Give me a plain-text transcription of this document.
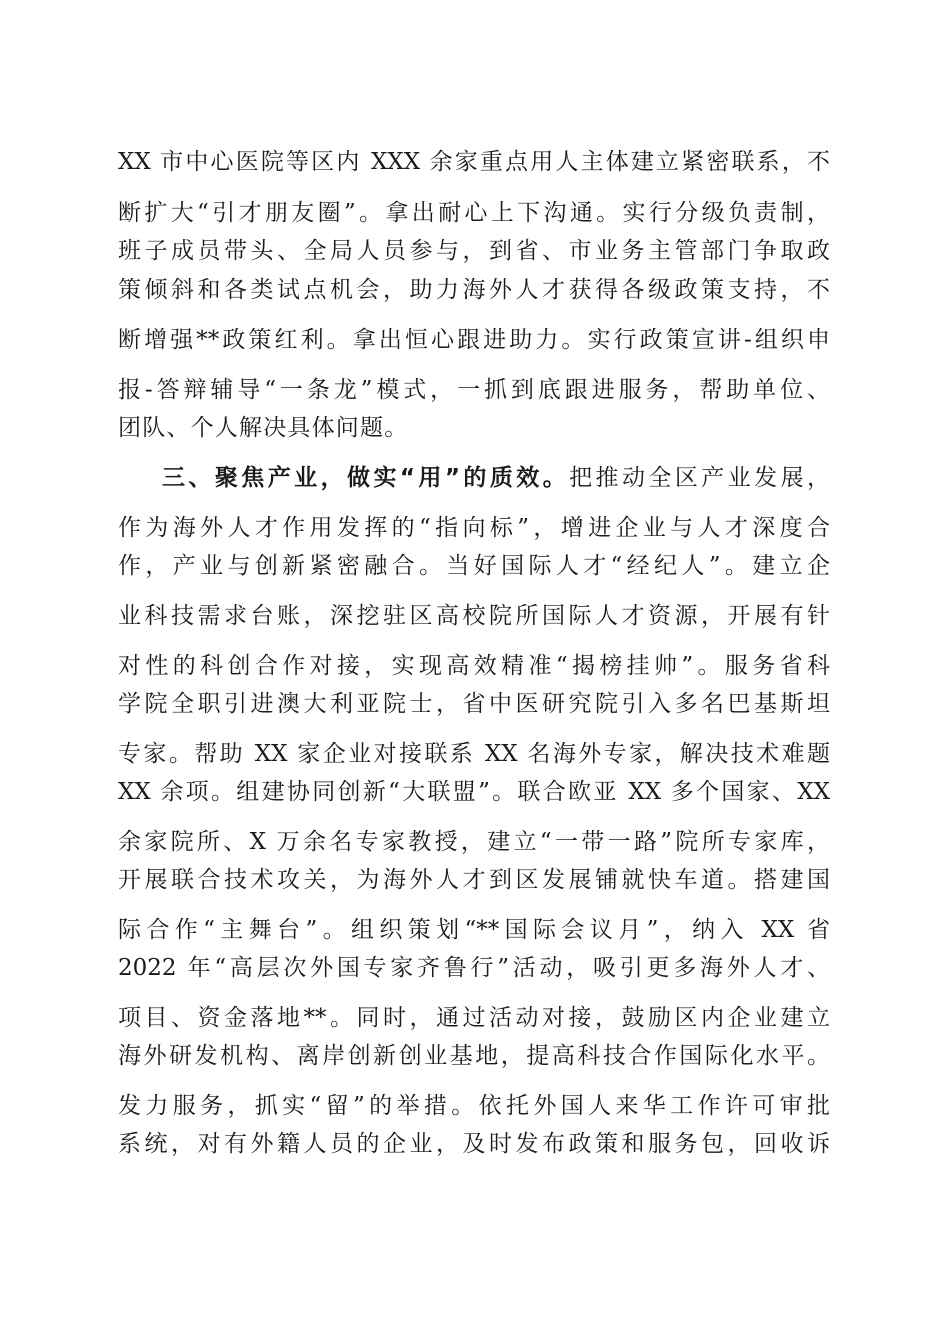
XX 市中心医院等区内 XXX 余家重点用人主体建立紧密联系，不
断扩大“引才朋友圈”。拿出耐心上下沟通。实行分级负责制，
班子成员带头、全局人员参与，到省、市业务主管部门争取政
策倾斜和各类试点机会，助力海外人才获得各级政策支持，不
断增强**政策红利。拿出恒心跟进助力。实行政策宣讲-组织申
报-答辩辅导“一条龙”模式，一抓到底跟进服务，帮助单位、
团队、个人解决具体问题。
三、聚焦产业，做实“用”的质效。把推动全区产业发展，
作为海外人才作用发挥的“指向标”，增进企业与人才深度合
作，产业与创新紧密融合。当好国际人才“经纪人”。建立企
业科技需求台账，深挖驻区高校院所国际人才资源，开展有针
对性的科创合作对接，实现高效精准“揭榜挂帅”。服务省科
学院全职引进澳大利亚院士，省中医研究院引入多名巴基斯坦
专家。帮助 XX 家企业对接联系 XX 名海外专家，解决技术难题
XX 余项。组建协同创新“大联盟”。联合欧亚 XX 多个国家、XX
余家院所、X 万余名专家教授，建立“一带一路”院所专家库，
开展联合技术攻关，为海外人才到区发展铺就快车道。搭建国
际合作“主舞台”。组织策划“**国际会议月”，纳入 XX 省
2022 年“高层次外国专家齐鲁行”活动，吸引更多海外人才、
项目、资金落地**。同时，通过活动对接，鼓励区内企业建立
海外研发机构、离岸创新创业基地，提高科技合作国际化水平。
发力服务，抓实“留”的举措。依托外国人来华工作许可审批
系统，对有外籍人员的企业，及时发布政策和服务包，回收诉
